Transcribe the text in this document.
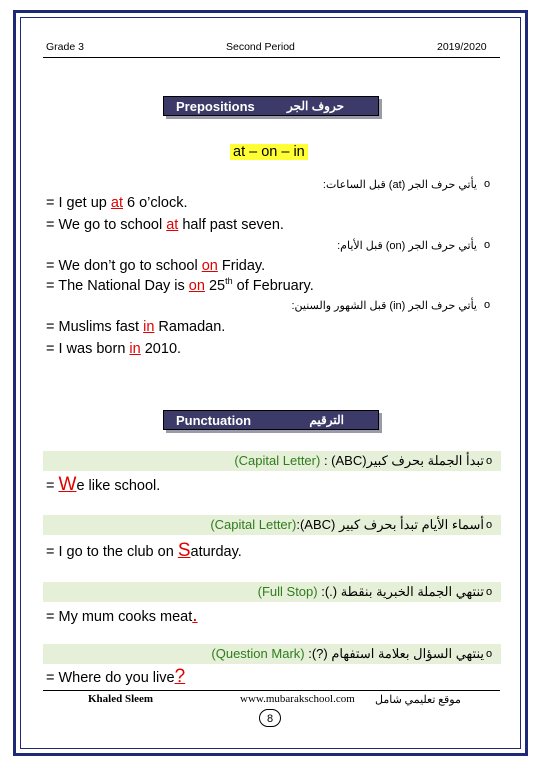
Grade 3	Second Period	2019/2020
Prepositions	حروف الجر
at – on – in
يأتي حرف الجر (at) قبل الساعات: o
= I get up at 6 o’clock.
= We go to school at half past seven.
يأتي حرف الجر (on) قبل الأيام: o
= We don’t go to school on Friday.
= The National Day is on 25th of February.
يأتي حرف الجر (in) قبل الشهور والسنين: o
= Muslims fast in Ramadan.
= I was born in 2010.
Punctuation	الترقيم
تبدأ الجملة بحرف كبير(ABC) : (Capital Letter)	o
= We like school.
أسماء الأيام تبدأ بحرف كبير (ABC):(Capital Letter)	o
= I go to the club on Saturday.
تنتهي الجملة الخبرية بنقطة (.): (Full Stop)	o
= My mum cooks meat.
ينتهي السؤال بعلامة استفهام (?): (Question Mark)	o
= Where do you live?
Khaled Sleem	www.mubarakschool.com موقع تعليمي شامل
8
